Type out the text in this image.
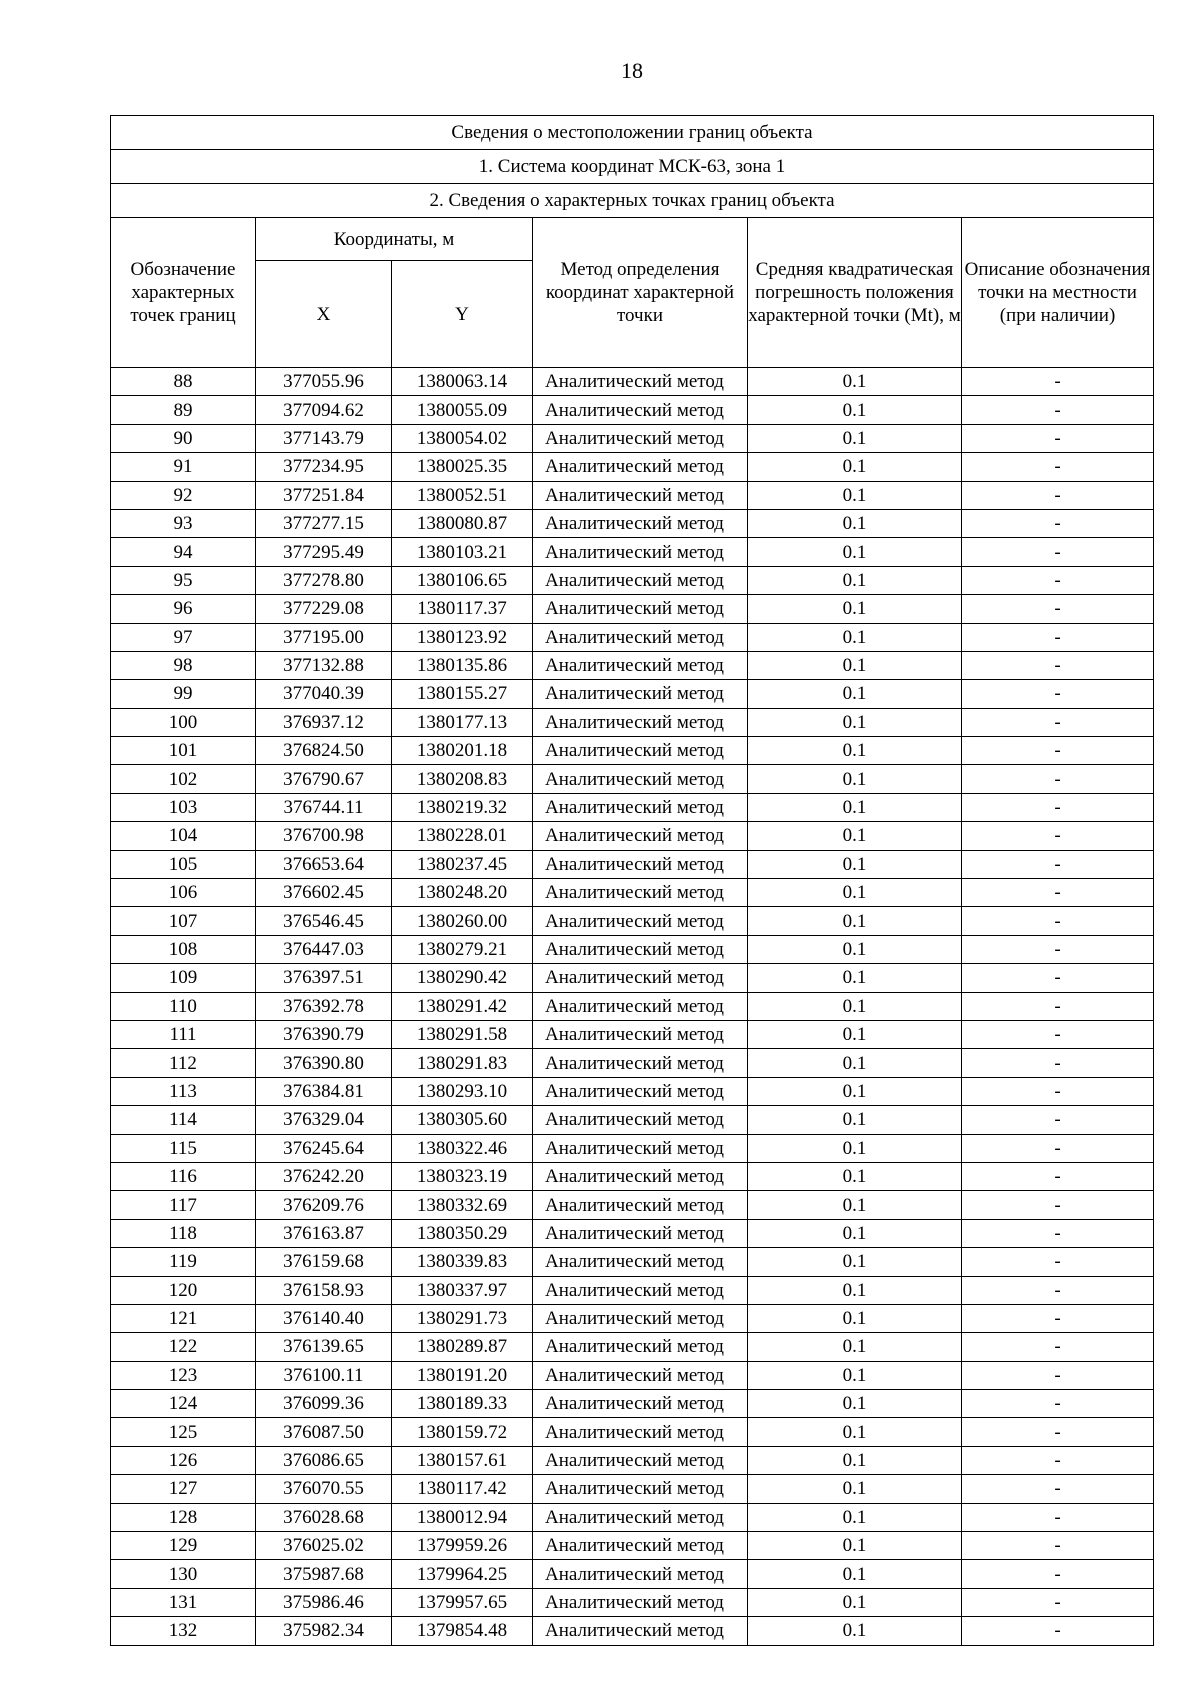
18
Сведения о местоположении границ объекта					
1. Система координат МСК-63, зона 1					
2. Сведения о характерных точках границ объекта					
Обозначение характерных точек границ	Координаты, м		Метод определения координат характерной точки	Средняя квадратическая погрешность положения характерной точки (Mt), м	Описание обозначения точки на местности (при наличии)
	X	Y			
88	377055.96	1380063.14	Аналитический метод	0.1	-
89	377094.62	1380055.09	Аналитический метод	0.1	-
90	377143.79	1380054.02	Аналитический метод	0.1	-
91	377234.95	1380025.35	Аналитический метод	0.1	-
92	377251.84	1380052.51	Аналитический метод	0.1	-
93	377277.15	1380080.87	Аналитический метод	0.1	-
94	377295.49	1380103.21	Аналитический метод	0.1	-
95	377278.80	1380106.65	Аналитический метод	0.1	-
96	377229.08	1380117.37	Аналитический метод	0.1	-
97	377195.00	1380123.92	Аналитический метод	0.1	-
98	377132.88	1380135.86	Аналитический метод	0.1	-
99	377040.39	1380155.27	Аналитический метод	0.1	-
100	376937.12	1380177.13	Аналитический метод	0.1	-
101	376824.50	1380201.18	Аналитический метод	0.1	-
102	376790.67	1380208.83	Аналитический метод	0.1	-
103	376744.11	1380219.32	Аналитический метод	0.1	-
104	376700.98	1380228.01	Аналитический метод	0.1	-
105	376653.64	1380237.45	Аналитический метод	0.1	-
106	376602.45	1380248.20	Аналитический метод	0.1	-
107	376546.45	1380260.00	Аналитический метод	0.1	-
108	376447.03	1380279.21	Аналитический метод	0.1	-
109	376397.51	1380290.42	Аналитический метод	0.1	-
110	376392.78	1380291.42	Аналитический метод	0.1	-
111	376390.79	1380291.58	Аналитический метод	0.1	-
112	376390.80	1380291.83	Аналитический метод	0.1	-
113	376384.81	1380293.10	Аналитический метод	0.1	-
114	376329.04	1380305.60	Аналитический метод	0.1	-
115	376245.64	1380322.46	Аналитический метод	0.1	-
116	376242.20	1380323.19	Аналитический метод	0.1	-
117	376209.76	1380332.69	Аналитический метод	0.1	-
118	376163.87	1380350.29	Аналитический метод	0.1	-
119	376159.68	1380339.83	Аналитический метод	0.1	-
120	376158.93	1380337.97	Аналитический метод	0.1	-
121	376140.40	1380291.73	Аналитический метод	0.1	-
122	376139.65	1380289.87	Аналитический метод	0.1	-
123	376100.11	1380191.20	Аналитический метод	0.1	-
124	376099.36	1380189.33	Аналитический метод	0.1	-
125	376087.50	1380159.72	Аналитический метод	0.1	-
126	376086.65	1380157.61	Аналитический метод	0.1	-
127	376070.55	1380117.42	Аналитический метод	0.1	-
128	376028.68	1380012.94	Аналитический метод	0.1	-
129	376025.02	1379959.26	Аналитический метод	0.1	-
130	375987.68	1379964.25	Аналитический метод	0.1	-
131	375986.46	1379957.65	Аналитический метод	0.1	-
132	375982.34	1379854.48	Аналитический метод	0.1	-
